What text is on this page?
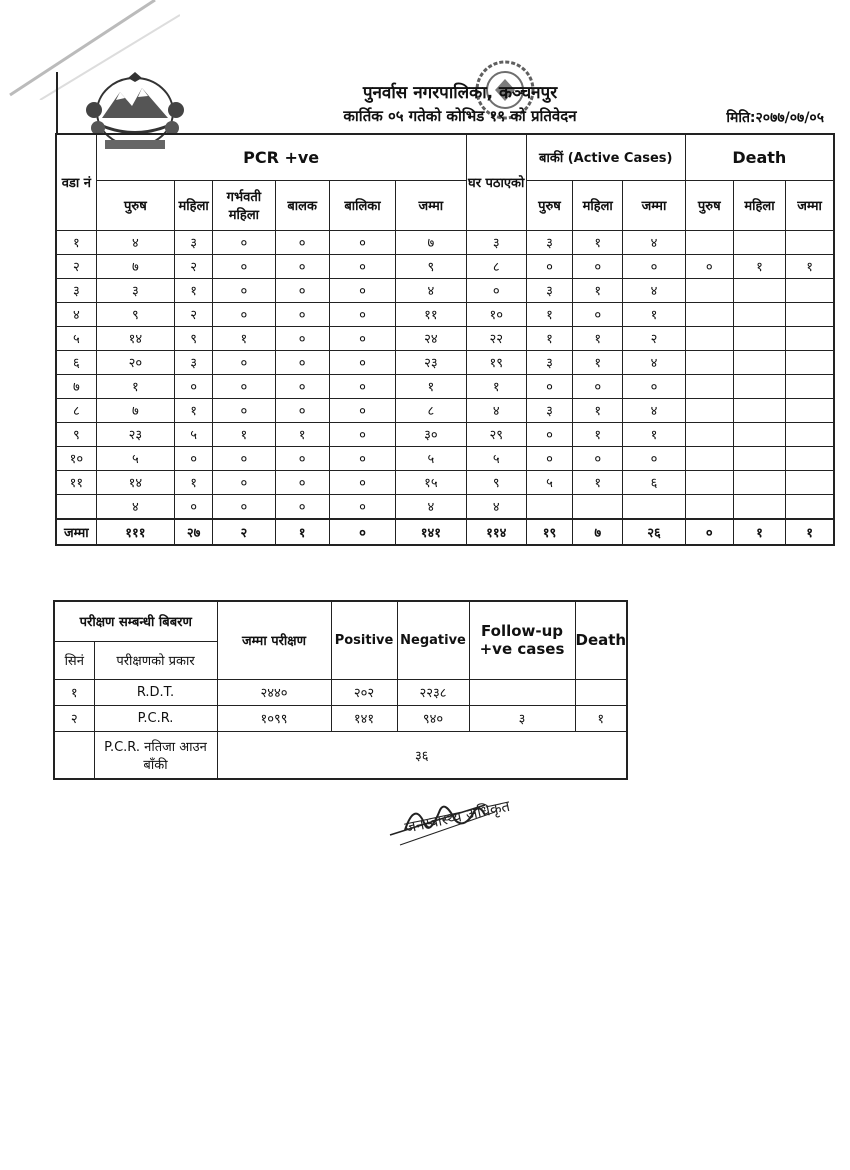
पुनर्वास नगरपालिका, कञ्चनपुर
कार्तिक ०५ गतेको कोभिड १९ को प्रतिवेदन	मिति:२०७७/०७/०५
वडा नं	PCR +ve						घर पठाएको	बाकीं (Active Cases)			Death		
	पुरुष	महिला	गर्भवती महिला	बालक	बालिका	जम्मा		पुरुष	महिला	जम्मा	पुरुष	महिला	जम्मा
१	४	३	०	०	०	७	३	३	१	४			
२	७	२	०	०	०	९	८	०	०	०	०	१	१
३	३	१	०	०	०	४	०	३	१	४			
४	९	२	०	०	०	११	१०	१	०	१			
५	१४	९	१	०	०	२४	२२	१	१	२			
६	२०	३	०	०	०	२३	१९	३	१	४			
७	१	०	०	०	०	१	१	०	०	०			
८	७	१	०	०	०	८	४	३	१	४			
९	२३	५	१	१	०	३०	२९	०	१	१			
१०	५	०	०	०	०	५	५	०	०	०			
११	१४	१	०	०	०	१५	९	५	१	६			
	४	०	०	०	०	४	४						
जम्मा	१११	२७	२	१	०	१४१	११४	१९	७	२६	०	१	१
परीक्षण सम्बन्धी बिबरण		जम्मा परीक्षण	Positive	Negative	Follow-up +ve cases	Death
सिनं	परीक्षणको प्रकार					
१	R.D.T.	२४४०	२०२	२२३८		
२	P.C.R.	१०९९	१४१	९४०	३	१
	P.C.R. नतिजा आउन बाँकी	३६				
जनस्वास्थ्य अधिकृत
